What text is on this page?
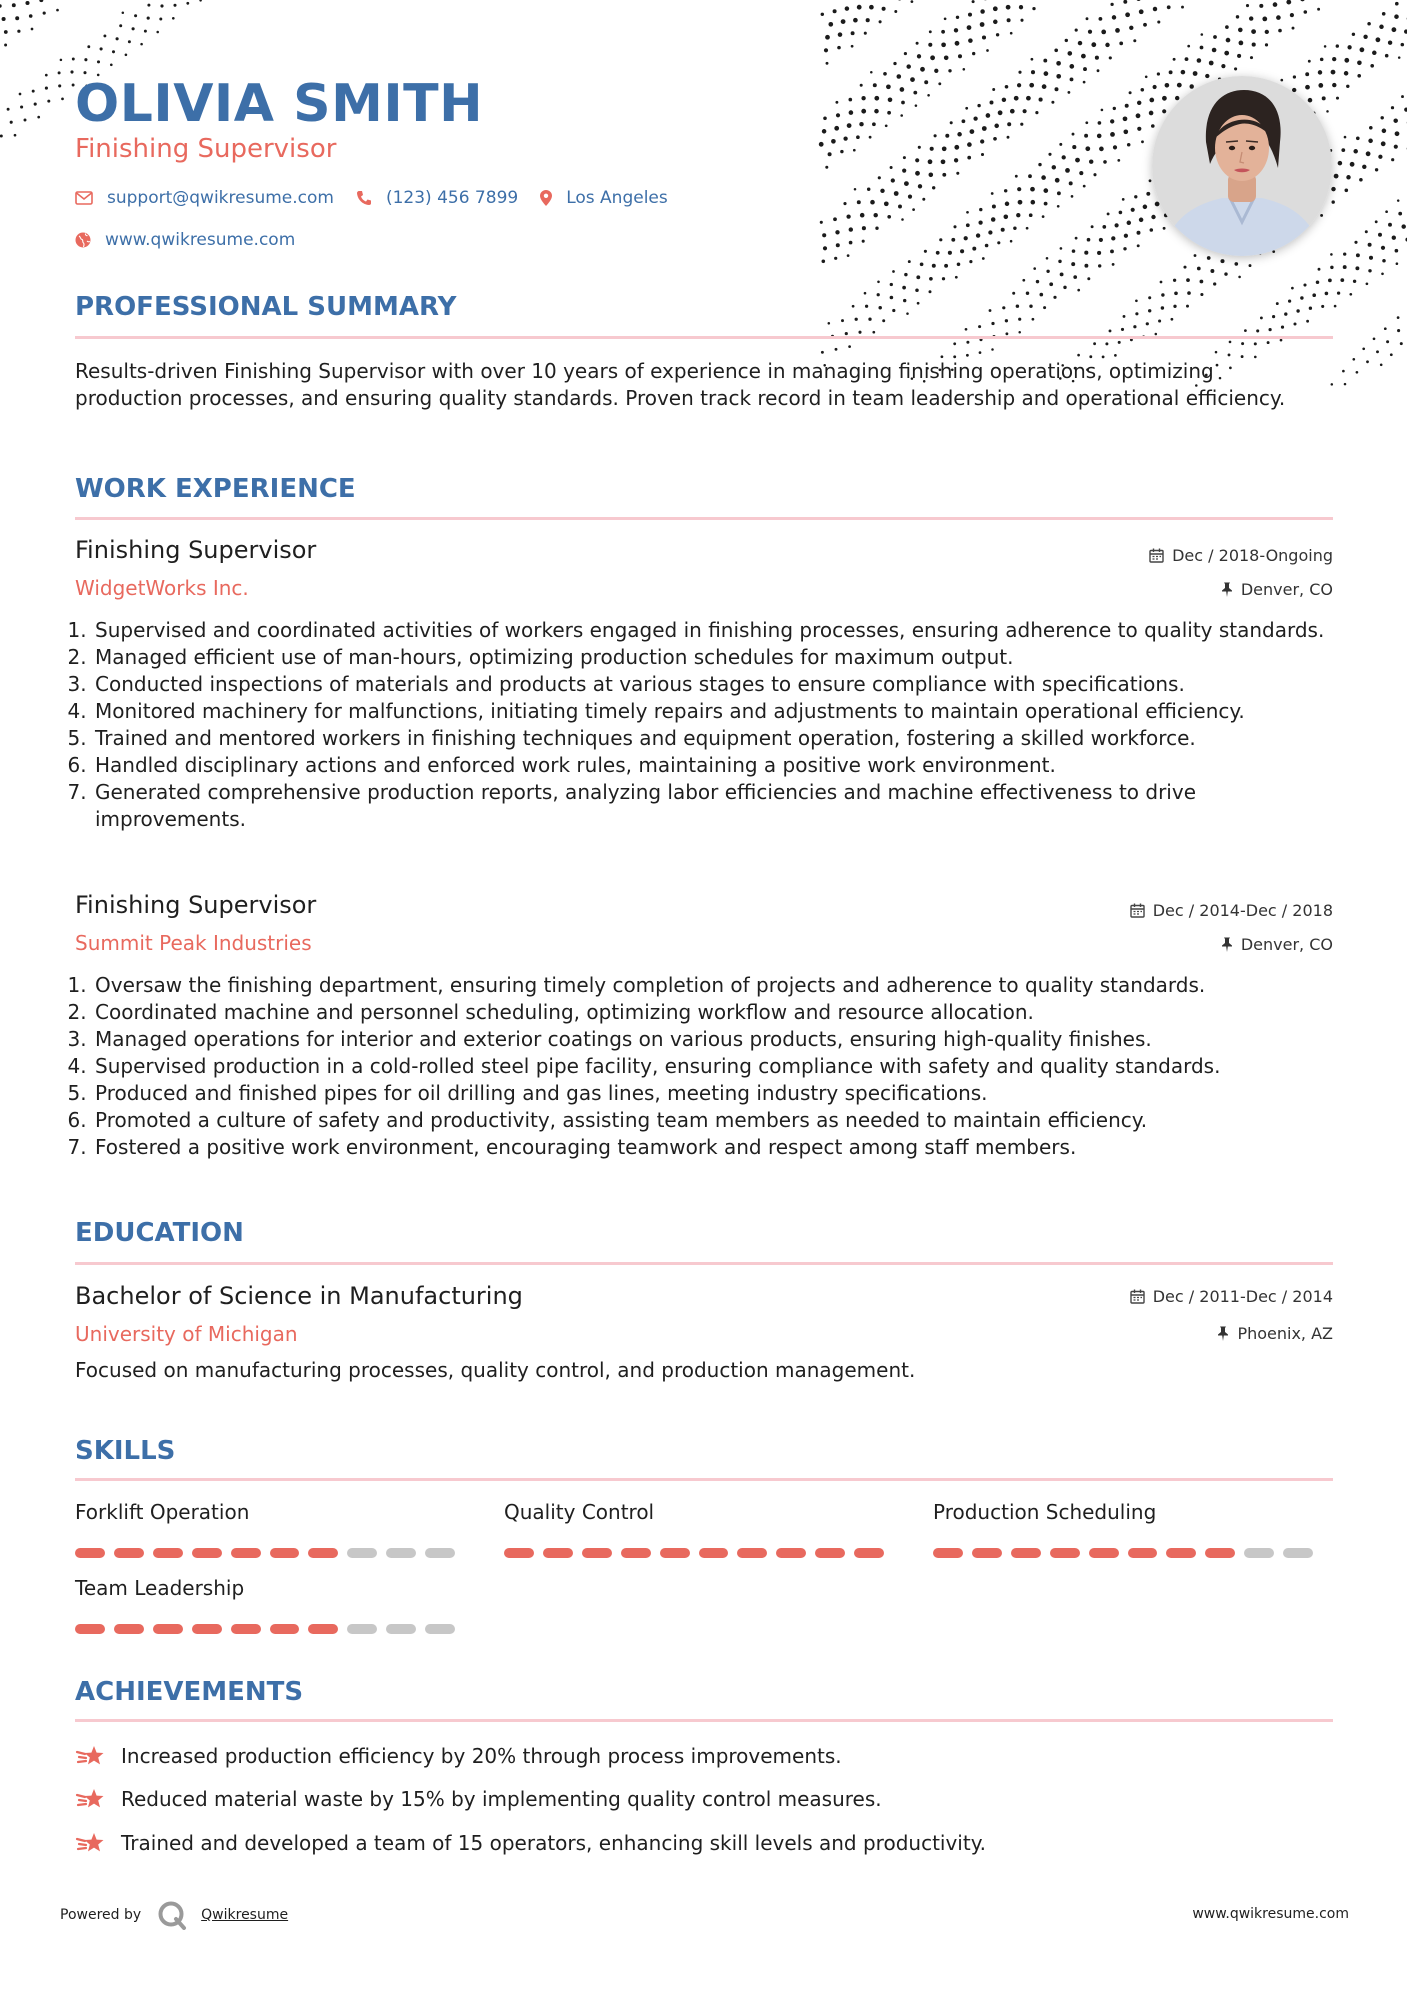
OLIVIA SMITH
Finishing Supervisor
support@qwikresume.com	(123) 456 7899	Los Angeles
www.qwikresume.com
PROFESSIONAL SUMMARY

Results-driven Finishing Supervisor with over 10 years of experience in managing finishing operations, optimizing production processes, and ensuring quality standards. Proven track record in team leadership and operational efficiency.

WORK EXPERIENCE
Finishing Supervisor	Dec / 2018-Ongoing
WidgetWorks Inc.	Denver, CO
1. Supervised and coordinated activities of workers engaged in finishing processes, ensuring adherence to quality standards.
2. Managed efficient use of man-hours, optimizing production schedules for maximum output.
3. Conducted inspections of materials and products at various stages to ensure compliance with specifications.
4. Monitored machinery for malfunctions, initiating timely repairs and adjustments to maintain operational efficiency.
5. Trained and mentored workers in finishing techniques and equipment operation, fostering a skilled workforce.
6. Handled disciplinary actions and enforced work rules, maintaining a positive work environment.
7. Generated comprehensive production reports, analyzing labor efficiencies and machine effectiveness to drive improvements.
Finishing Supervisor	Dec / 2014-Dec / 2018
Summit Peak Industries	Denver, CO
1. Oversaw the finishing department, ensuring timely completion of projects and adherence to quality standards.
2. Coordinated machine and personnel scheduling, optimizing workflow and resource allocation.
3. Managed operations for interior and exterior coatings on various products, ensuring high-quality finishes.
4. Supervised production in a cold-rolled steel pipe facility, ensuring compliance with safety and quality standards.
5. Produced and finished pipes for oil drilling and gas lines, meeting industry specifications.
6. Promoted a culture of safety and productivity, assisting team members as needed to maintain efficiency.
7. Fostered a positive work environment, encouraging teamwork and respect among staff members.
EDUCATION
Bachelor of Science in Manufacturing	Dec / 2011-Dec / 2014
University of Michigan	Phoenix, AZ

Focused on manufacturing processes, quality control, and production management.

SKILLS
Forklift Operation	Quality Control	Production Scheduling
Team Leadership
ACHIEVEMENTS
Increased production efficiency by 20% through process improvements.
Reduced material waste by 15% by implementing quality control measures.
Trained and developed a team of 15 operators, enhancing skill levels and productivity.
Powered by	Qwikresume	www.qwikresume.com
